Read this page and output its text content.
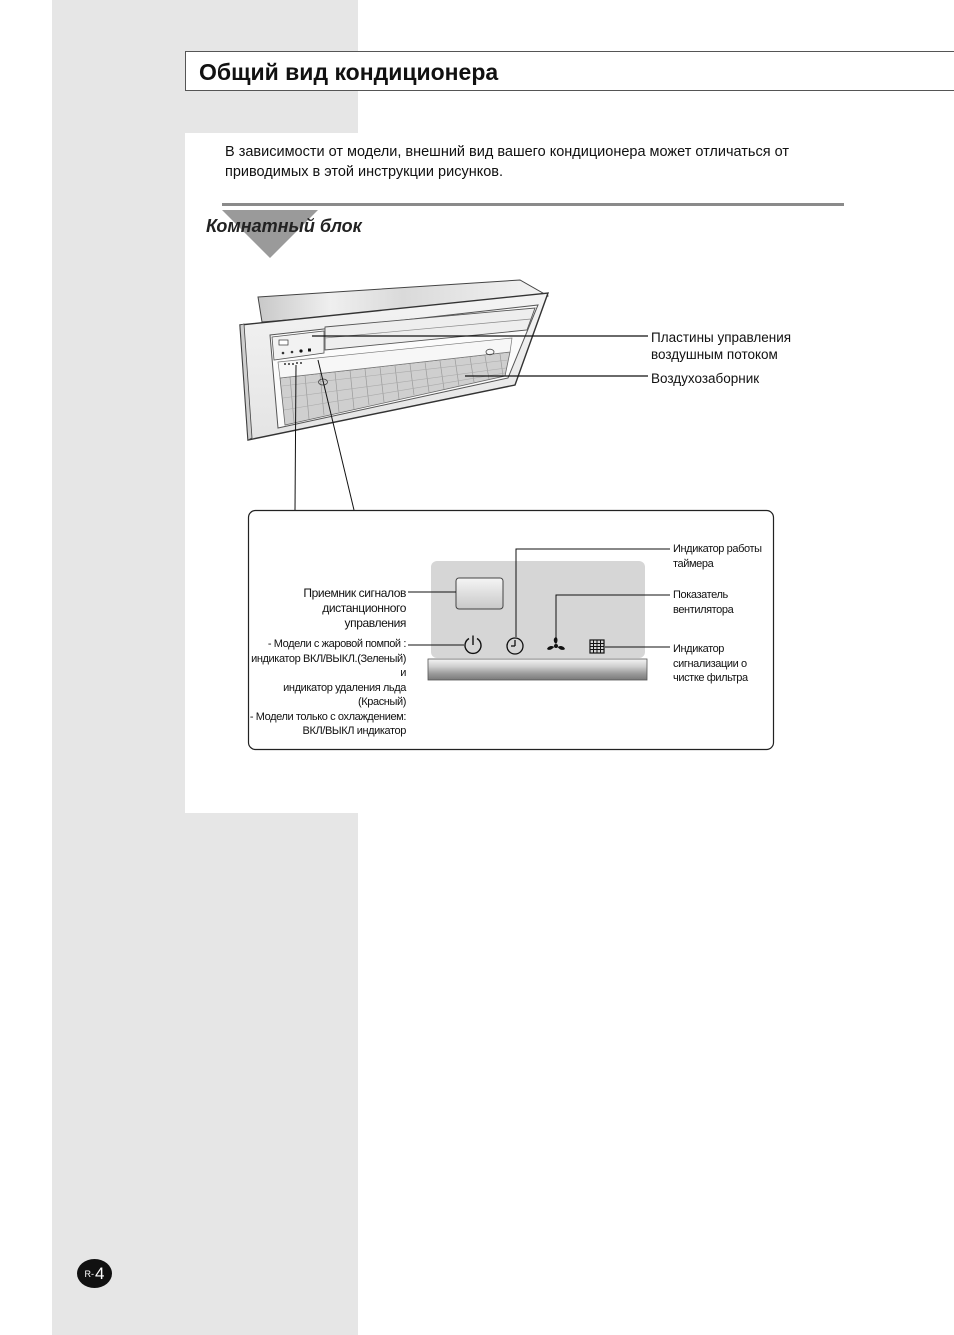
Общий вид кондиционера
В зависимости от модели, внешний вид вашего кондиционера может отличаться от приводимых в этой инструкции рисунков.
Комнатный блок
Пластины управления
воздушным потоком
Воздухозаборник
Приемник сигналов
дистанционного
управления
- Модели с жаровой помпой :
индикатор ВКЛ/ВЫКЛ.(Зеленый) и
индикатор удаления льда (Красный)
- Модели только с охлаждением:
ВКЛ/ВЫКЛ индикатор
Индикатор работы
таймера
Показатель
вентилятора
Индикатор
сигнализации о
чистке фильтра
R- 4
